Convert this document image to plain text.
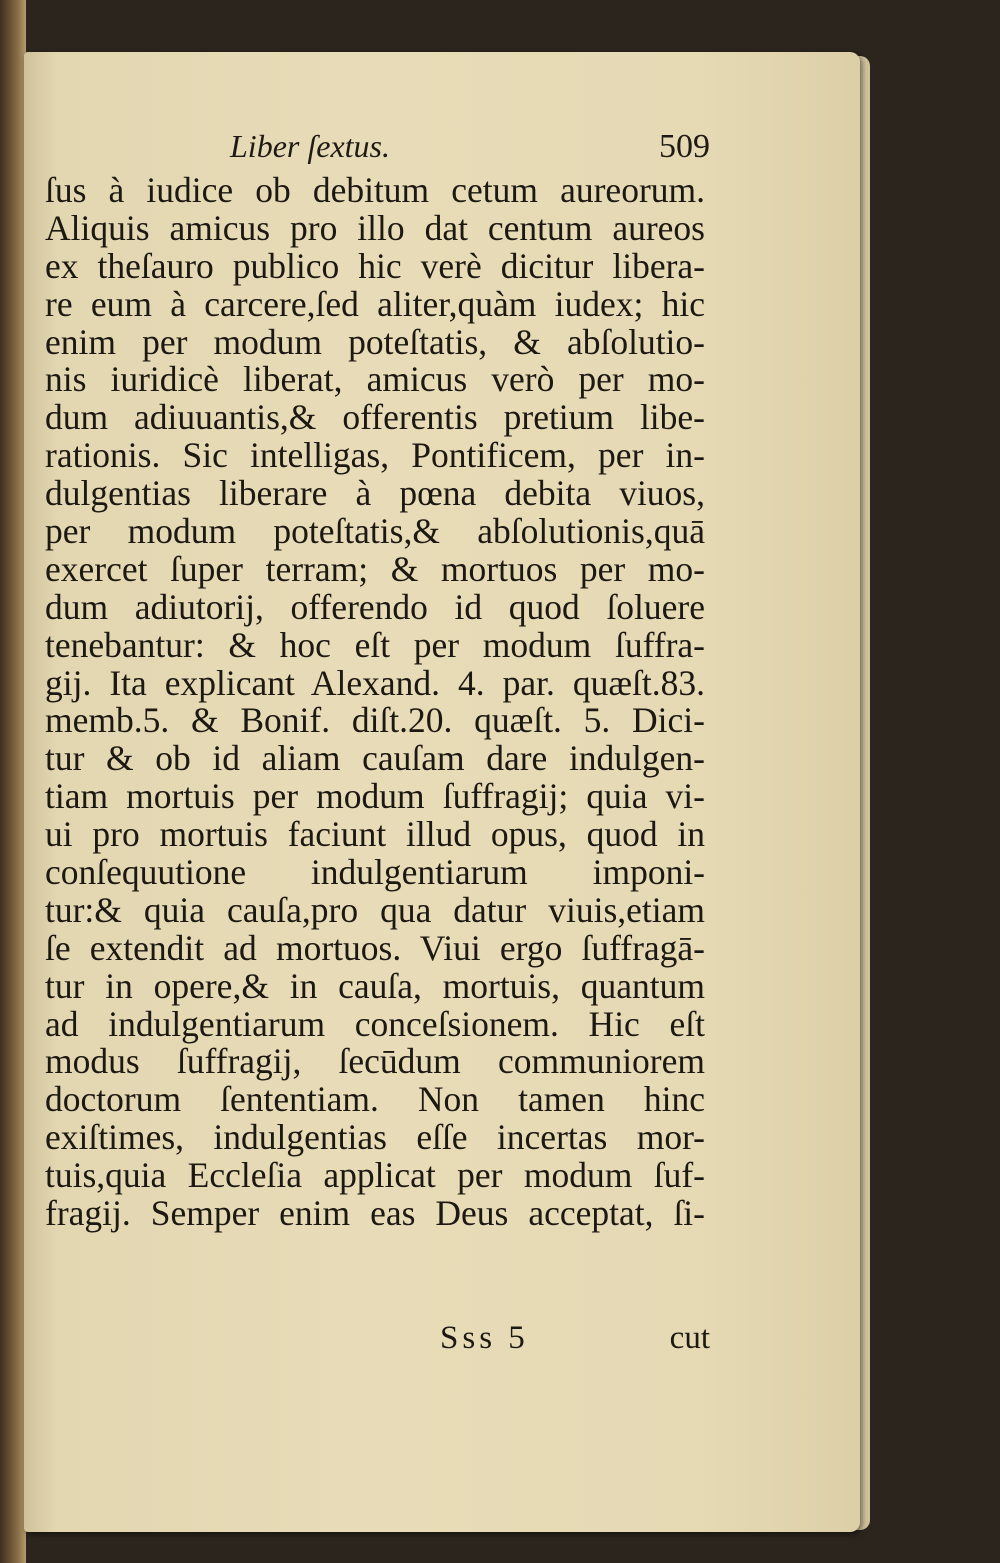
Liber ſextus.	509
ſus à iudice ob debitum cetum aureorum.
Aliquis amicus pro illo dat centum aureos
ex theſauro publico hic verè dicitur libera-
re eum à carcere,ſed aliter,quàm iudex; hic
enim per modum poteſtatis, & abſolutio-
nis iuridicè liberat, amicus verò per mo-
dum adiuuantis,& offerentis pretium libe-
rationis. Sic intelligas, Pontificem, per in-
dulgentias liberare à pœna debita viuos,
per modum poteſtatis,& abſolutionis,quā
exercet ſuper terram; & mortuos per mo-
dum adiutorij, offerendo id quod ſoluere
tenebantur: & hoc eſt per modum ſuffra-
gij. Ita explicant Alexand. 4. par. quæſt.83.
memb.5. & Bonif. diſt.20. quæſt. 5. Dici-
tur & ob id aliam cauſam dare indulgen-
tiam mortuis per modum ſuffragij; quia vi-
ui pro mortuis faciunt illud opus, quod in
conſequutione indulgentiarum imponi-
tur:& quia cauſa,pro qua datur viuis,etiam
ſe extendit ad mortuos. Viui ergo ſuffragā-
tur in opere,& in cauſa, mortuis, quantum
ad indulgentiarum conceſsionem. Hic eſt
modus ſuffragij, ſecūdum communiorem
doctorum ſententiam. Non tamen hinc
exiſtimes, indulgentias eſſe incertas mor-
tuis,quia Eccleſia applicat per modum ſuf-
fragij. Semper enim eas Deus acceptat, ſi-
Sss 5	cut
